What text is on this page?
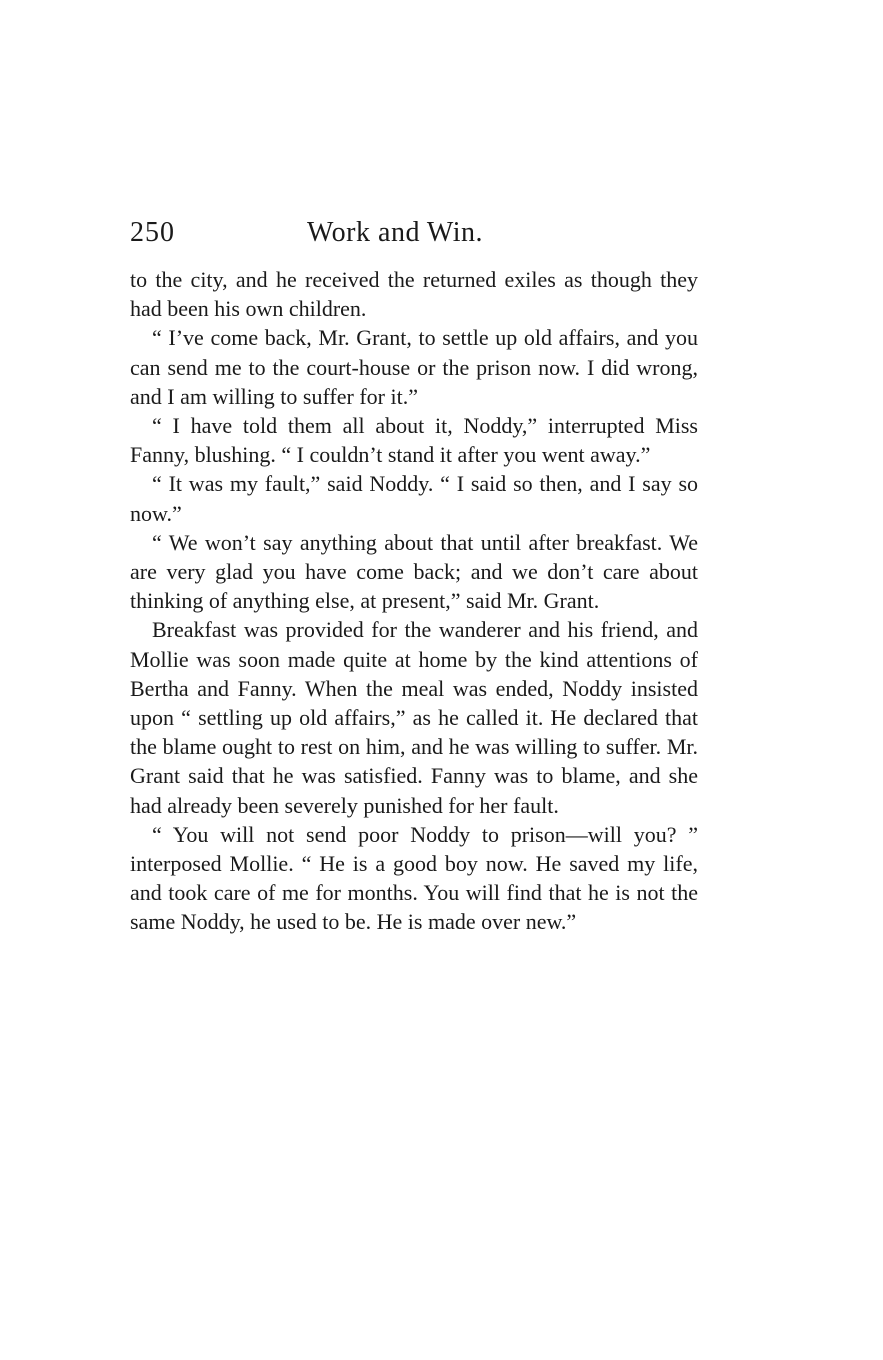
250	Work and Win.

to the city, and he received the returned exiles as though they had been his own children.

“ I’ve come back, Mr. Grant, to settle up old affairs, and you can send me to the court-house or the prison now. I did wrong, and I am willing to suffer for it.”

“ I have told them all about it, Noddy,” interrupted Miss Fanny, blushing. “ I couldn’t stand it after you went away.”

“ It was my fault,” said Noddy. “ I said so then, and I say so now.”

“ We won’t say anything about that until after breakfast. We are very glad you have come back; and we don’t care about thinking of anything else, at present,” said Mr. Grant.

Breakfast was provided for the wanderer and his friend, and Mollie was soon made quite at home by the kind attentions of Bertha and Fanny. When the meal was ended, Noddy insisted upon “ settling up old affairs,” as he called it. He declared that the blame ought to rest on him, and he was willing to suffer. Mr. Grant said that he was satisfied. Fanny was to blame, and she had already been severely punished for her fault.

“ You will not send poor Noddy to prison—will you? ” interposed Mollie. “ He is a good boy now. He saved my life, and took care of me for months. You will find that he is not the same Noddy, he used to be. He is made over new.”
